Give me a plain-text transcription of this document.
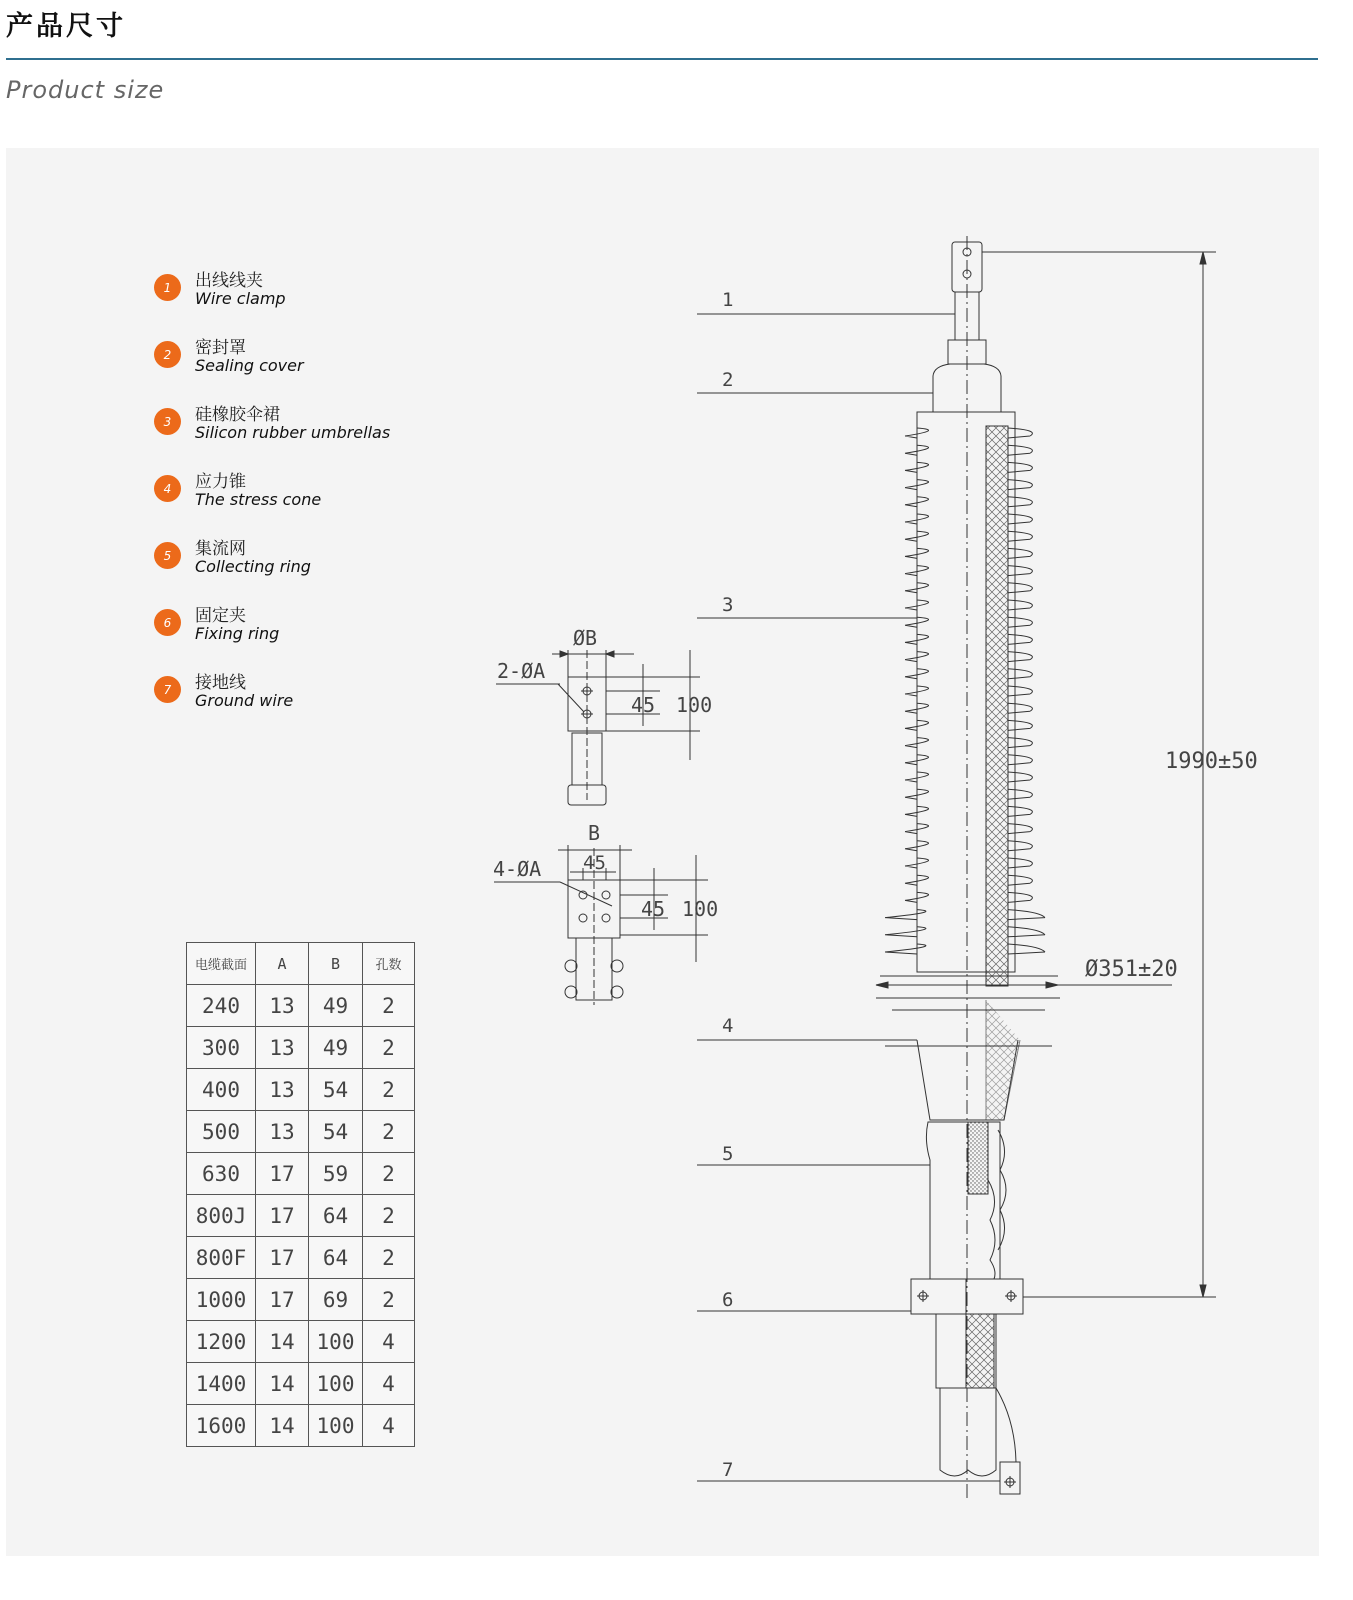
产品尺寸
Product size
1	出线线夹
Wire clamp
2	密封罩
Sealing cover
3	硅橡胶伞裙
Silicon rubber umbrellas
4	应力锥
The stress cone
5	集流网
Collecting ring
6	固定夹
Fixing ring
7	接地线
Ground wire
电缆截面	A	B	孔数
240	13	49	2
300	13	49	2
400	13	54	2
500	13	54	2
630	17	59	2
800J	17	64	2
800F	17	64	2
1000	17	69	2
1200	14	100	4
1400	14	100	4
1600	14	100	4
ØB
2-ØA
45 100
B
45
4-ØA
45 100
1990±50
Ø351±20
1
2
3
4
5
6
7
